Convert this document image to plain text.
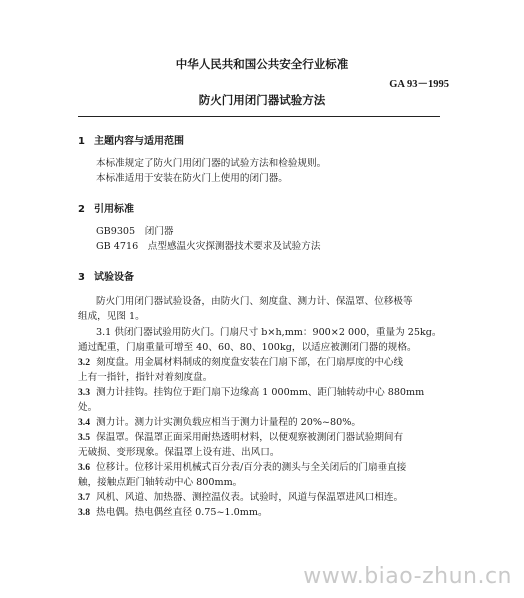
中华人民共和国公共安全行业标准
GA 93－1995
防火门用闭门器试验方法
1 主题内容与适用范围
本标准规定了防火门用闭门器的试验方法和检验规则。
本标准适用于安装在防火门上使用的闭门器。
2 引用标准
GB9305　闭门器
GB 4716　点型感温火灾探测器技术要求及试验方法
3 试验设备
防火门用闭门器试验设备，由防火门、刻度盘、测力计、保温罩、位移极等
组成，见图 1。
3.1 供闭门器试验用防火门。门扇尺寸 b×h,mm：900×2 000，重量为 25kg。
通过配重，门扇重量可增至 40、60、80、100kg，以适应被测闭门器的规格。
3.2 刻度盘。用金属材料制成的刻度盘安装在门扇下部，在门扇厚度的中心线
上有一指针，指针对着刻度盘。
3.3 测力计挂钩。挂钩位于距门扇下边缘高 1 000mm、距门轴转动中心 880mm
处。
3.4 测力计。测力计实测负载应相当于测力计量程的 20%~80%。
3.5 保温罩。保温罩正面采用耐热透明材料，以便观察被测闭门器试验期间有
无破损、变形现象。保温罩上设有进、出风口。
3.6 位移计。位移计采用机械式百分表/百分表的测头与全关闭后的门扇垂直接
触，接触点距门轴转动中心 800mm。
3.7 风机、风道、加热器、测控温仪表。试验时，风道与保温罩进风口相连。
3.8 热电偶。热电偶丝直径 0.75~1.0mm。
www.biao-zhun.cn
